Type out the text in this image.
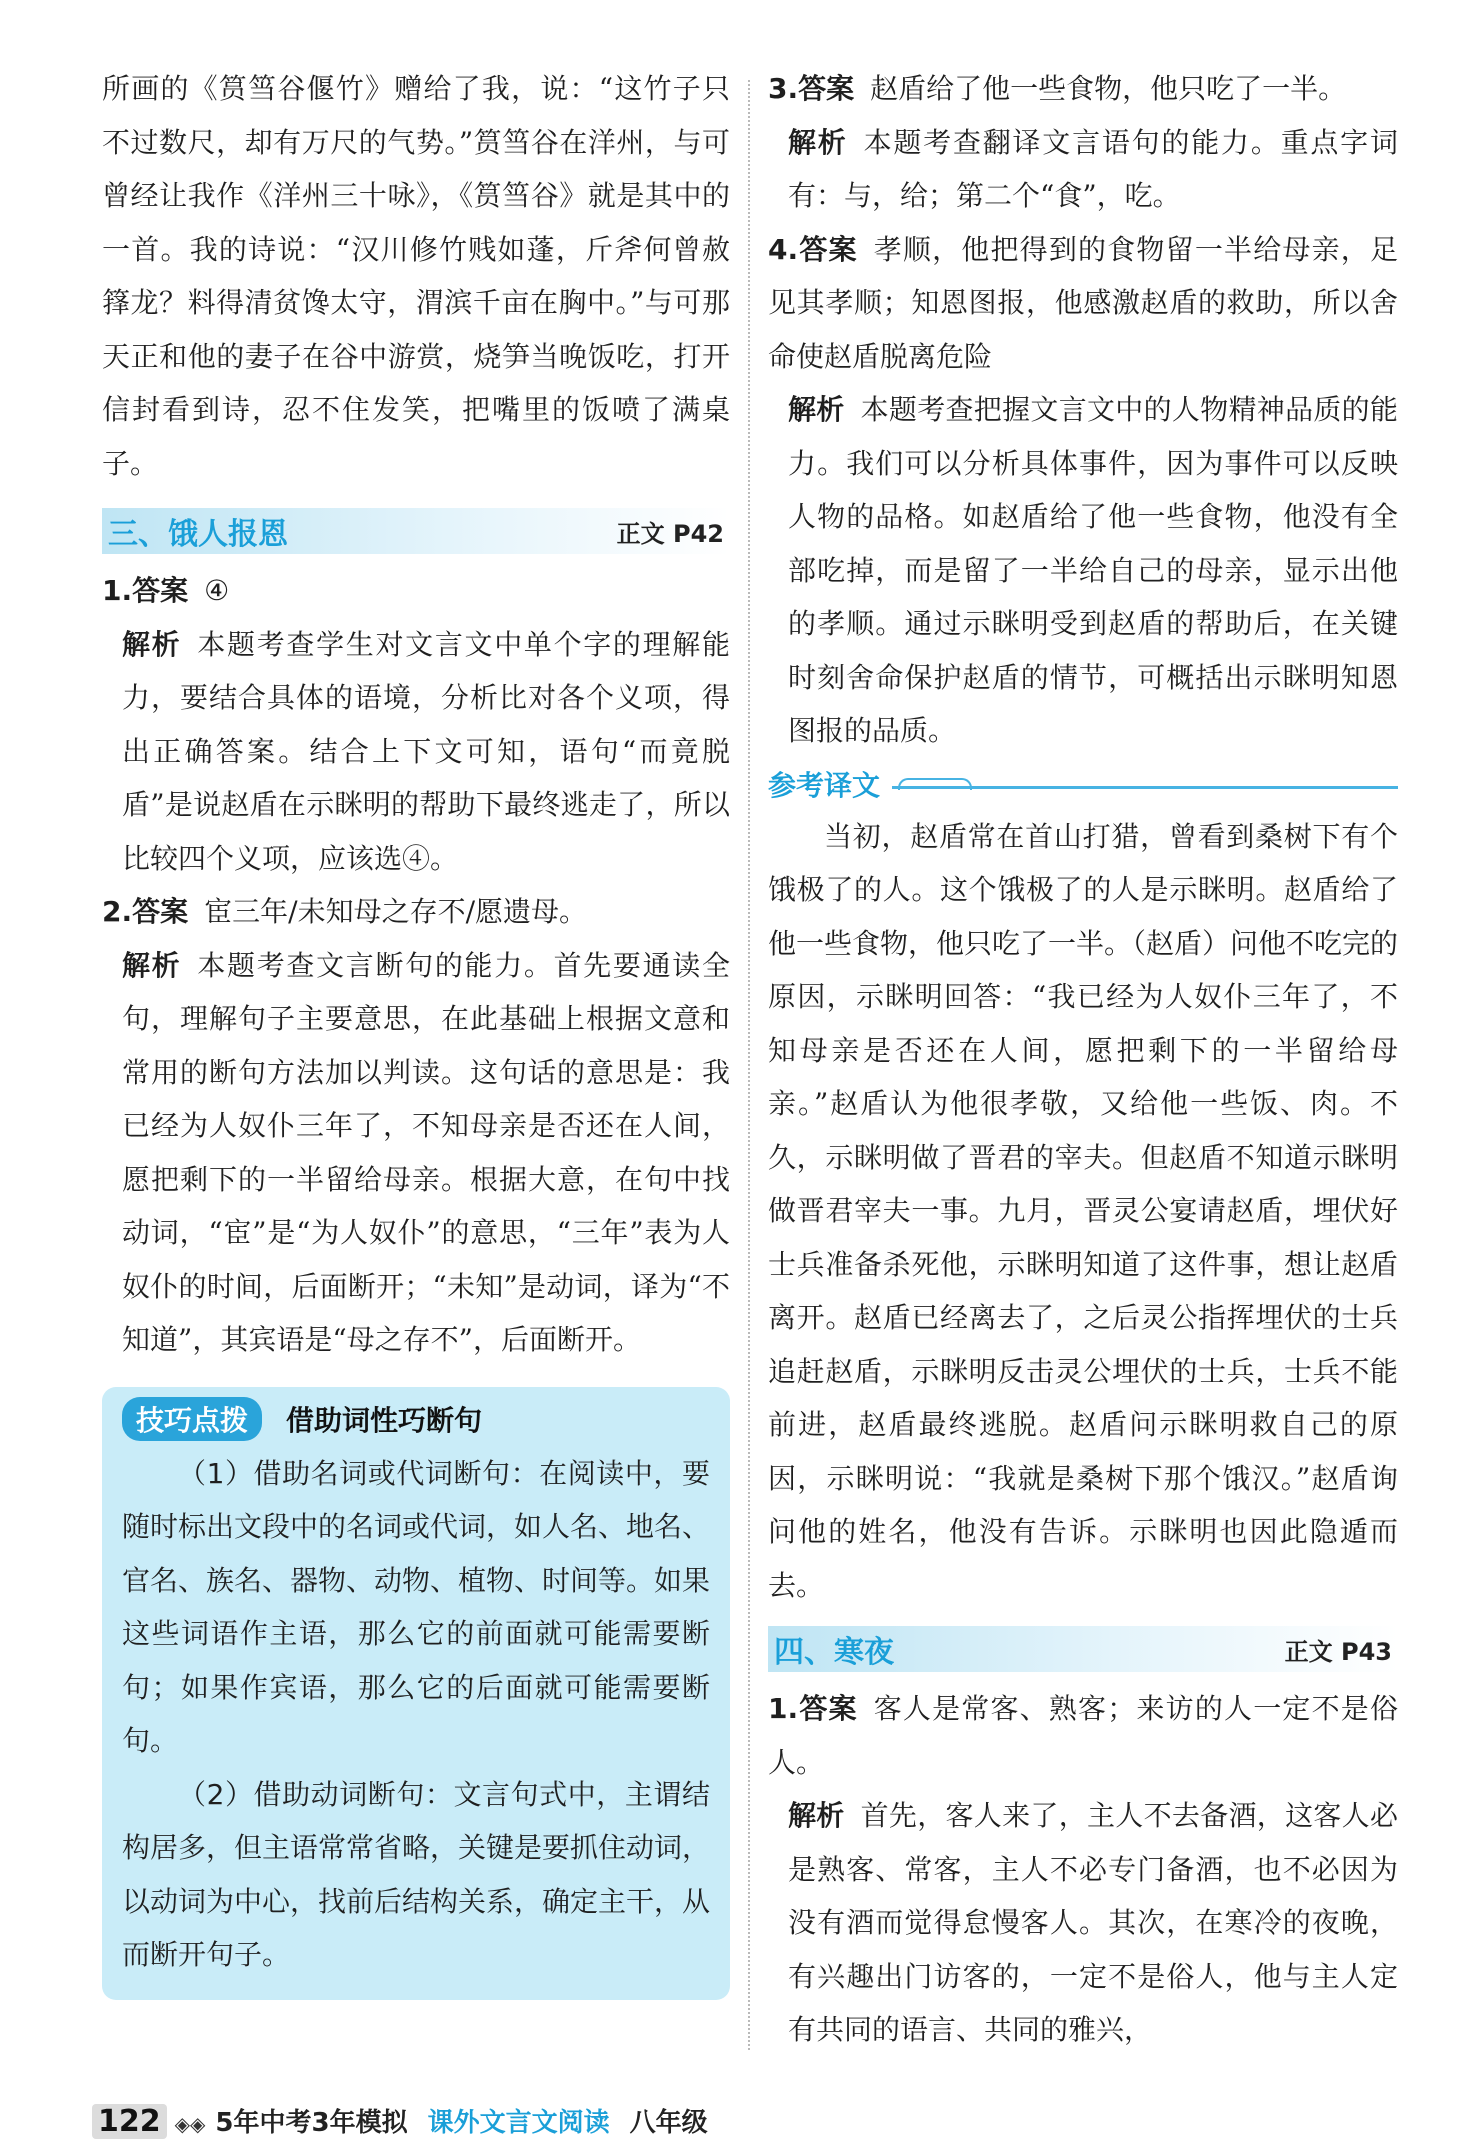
所画的《筼筜谷偃竹》赠给了我，说：“这竹子只不过数尺，却有万尺的气势。”筼筜谷在洋州，与可曾经让我作《洋州三十咏》，《筼筜谷》就是其中的一首。我的诗说：“汉川修竹贱如蓬，斤斧何曾赦箨龙？料得清贫馋太守，渭滨千亩在胸中。”与可那天正和他的妻子在谷中游赏，烧笋当晚饭吃，打开信封看到诗，忍不住发笑，把嘴里的饭喷了满桌子。

三、饿人报恩	正文 P42

1.答案 ④

解析 本题考查学生对文言文中单个字的理解能力，要结合具体的语境，分析比对各个义项，得出正确答案。结合上下文可知，语句“而竟脱盾”是说赵盾在示眯明的帮助下最终逃走了，所以比较四个义项，应该选④。

2.答案 宦三年/未知母之存不/愿遗母。

解析 本题考查文言断句的能力。首先要通读全句，理解句子主要意思，在此基础上根据文意和常用的断句方法加以判读。这句话的意思是：我已经为人奴仆三年了，不知母亲是否还在人间，愿把剩下的一半留给母亲。根据大意，在句中找动词，“宦”是“为人奴仆”的意思，“三年”表为人奴仆的时间，后面断开；“未知”是动词，译为“不知道”，其宾语是“母之存不”，后面断开。

技巧点拨	借助词性巧断句

（1）借助名词或代词断句：在阅读中，要随时标出文段中的名词或代词，如人名、地名、官名、族名、器物、动物、植物、时间等。如果这些词语作主语，那么它的前面就可能需要断句；如果作宾语，那么它的后面就可能需要断句。

（2）借助动词断句：文言句式中，主谓结构居多，但主语常常省略，关键是要抓住动词，以动词为中心，找前后结构关系，确定主干，从而断开句子。

3.答案 赵盾给了他一些食物，他只吃了一半。

解析 本题考查翻译文言语句的能力。重点字词有：与，给；第二个“食”，吃。

4.答案 孝顺，他把得到的食物留一半给母亲，足见其孝顺；知恩图报，他感激赵盾的救助，所以舍命使赵盾脱离危险

解析 本题考查把握文言文中的人物精神品质的能力。我们可以分析具体事件，因为事件可以反映人物的品格。如赵盾给了他一些食物，他没有全部吃掉，而是留了一半给自己的母亲，显示出他的孝顺。通过示眯明受到赵盾的帮助后，在关键时刻舍命保护赵盾的情节，可概括出示眯明知恩图报的品质。

参考译文

当初，赵盾常在首山打猎，曾看到桑树下有个饿极了的人。这个饿极了的人是示眯明。赵盾给了他一些食物，他只吃了一半。（赵盾）问他不吃完的原因，示眯明回答：“我已经为人奴仆三年了，不知母亲是否还在人间，愿把剩下的一半留给母亲。”赵盾认为他很孝敬，又给他一些饭、肉。不久，示眯明做了晋君的宰夫。但赵盾不知道示眯明做晋君宰夫一事。九月，晋灵公宴请赵盾，埋伏好士兵准备杀死他，示眯明知道了这件事，想让赵盾离开。赵盾已经离去了，之后灵公指挥埋伏的士兵追赶赵盾，示眯明反击灵公埋伏的士兵，士兵不能前进，赵盾最终逃脱。赵盾问示眯明救自己的原因，示眯明说：“我就是桑树下那个饿汉。”赵盾询问他的姓名，他没有告诉。示眯明也因此隐遁而去。

四、寒夜	正文 P43

1.答案 客人是常客、熟客；来访的人一定不是俗人。

解析 首先，客人来了，主人不去备酒，这客人必是熟客、常客，主人不必专门备酒，也不必因为没有酒而觉得怠慢客人。其次，在寒冷的夜晚，有兴趣出门访客的，一定不是俗人，他与主人定有共同的语言、共同的雅兴，

122 ◈◈ 5年中考3年模拟 课外文言文阅读 八年级
